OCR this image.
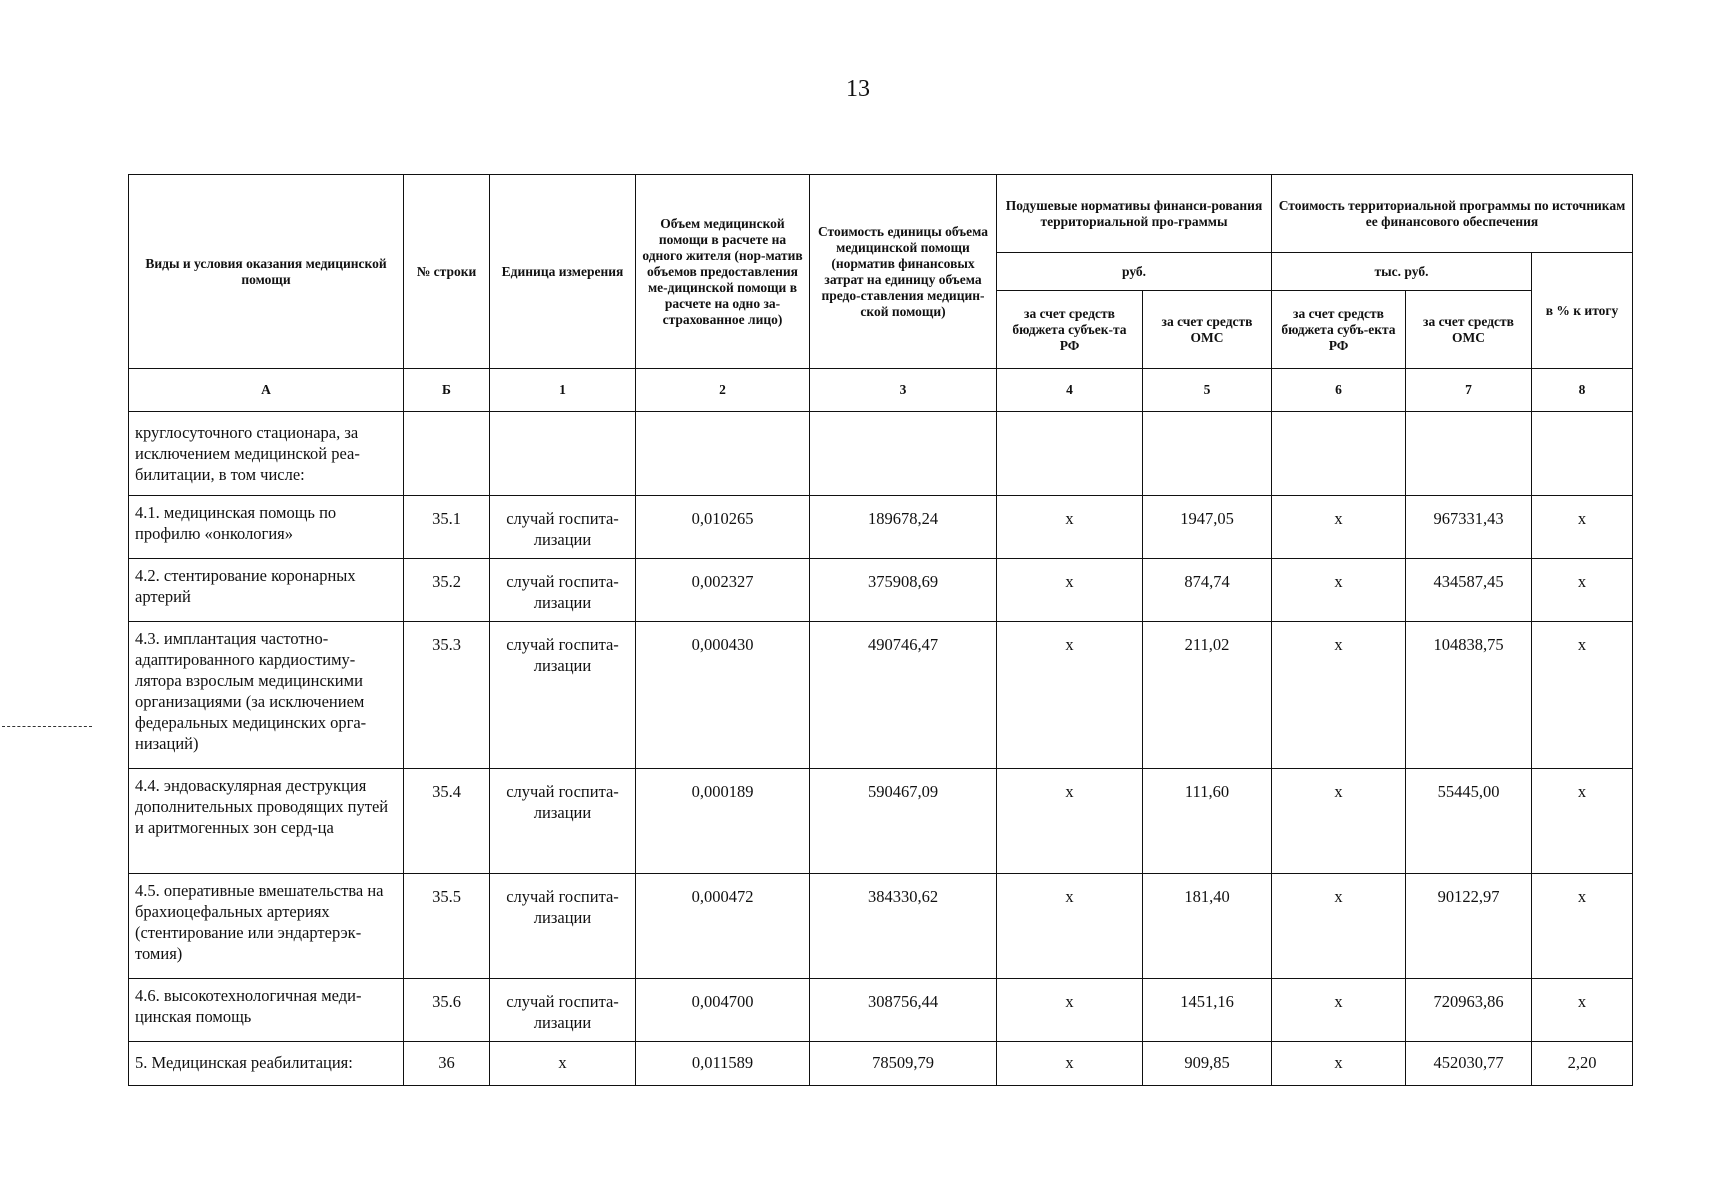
13
Виды и условия оказания медицинской помощи	№ строки	Единица измерения	Объем медицинской помощи в расчете на одного жителя (нор-матив объемов предоставления ме-дицинской помощи в расчете на одно за-страхованное лицо)	Стоимость единицы объема медицинской помощи (норматив финансовых затрат на единицу объема предо-ставления медицин-ской помощи)	Подушевые нормативы финанси-рования территориальной про-граммы		Стоимость территориальной программы по источникам ее финансового обеспечения		
					руб.		тыс. руб.		в % к итогу
					за счет средств бюджета субъек-та РФ	за счет средств ОМС	за счет средств бюджета субъ-екта РФ	за счет средств ОМС	
А	Б	1	2	3	4	5	6	7	8
круглосуточного стационара, за исключением медицинской реа-билитации, в том числе:									
4.1. медицинская помощь по профилю «онкология»	35.1	случай госпита-лизации	0,010265	189678,24	х	1947,05	х	967331,43	х
4.2. стентирование коронарных артерий	35.2	случай госпита-лизации	0,002327	375908,69	х	874,74	х	434587,45	х
4.3. имплантация частотно-адаптированного кардиостиму-лятора взрослым медицинскими организациями (за исключением федеральных медицинских орга-низаций)	35.3	случай госпита-лизации	0,000430	490746,47	х	211,02	х	104838,75	х
4.4. эндоваскулярная деструкция дополнительных проводящих путей и аритмогенных зон серд-ца	35.4	случай госпита-лизации	0,000189	590467,09	х	111,60	х	55445,00	х
4.5. оперативные вмешательства на брахиоцефальных артериях (стентирование или эндартерэк-томия)	35.5	случай госпита-лизации	0,000472	384330,62	х	181,40	х	90122,97	х
4.6. высокотехнологичная меди-цинская помощь	35.6	случай госпита-лизации	0,004700	308756,44	х	1451,16	х	720963,86	х
5. Медицинская реабилитация:	36	х	0,011589	78509,79	х	909,85	х	452030,77	2,20
